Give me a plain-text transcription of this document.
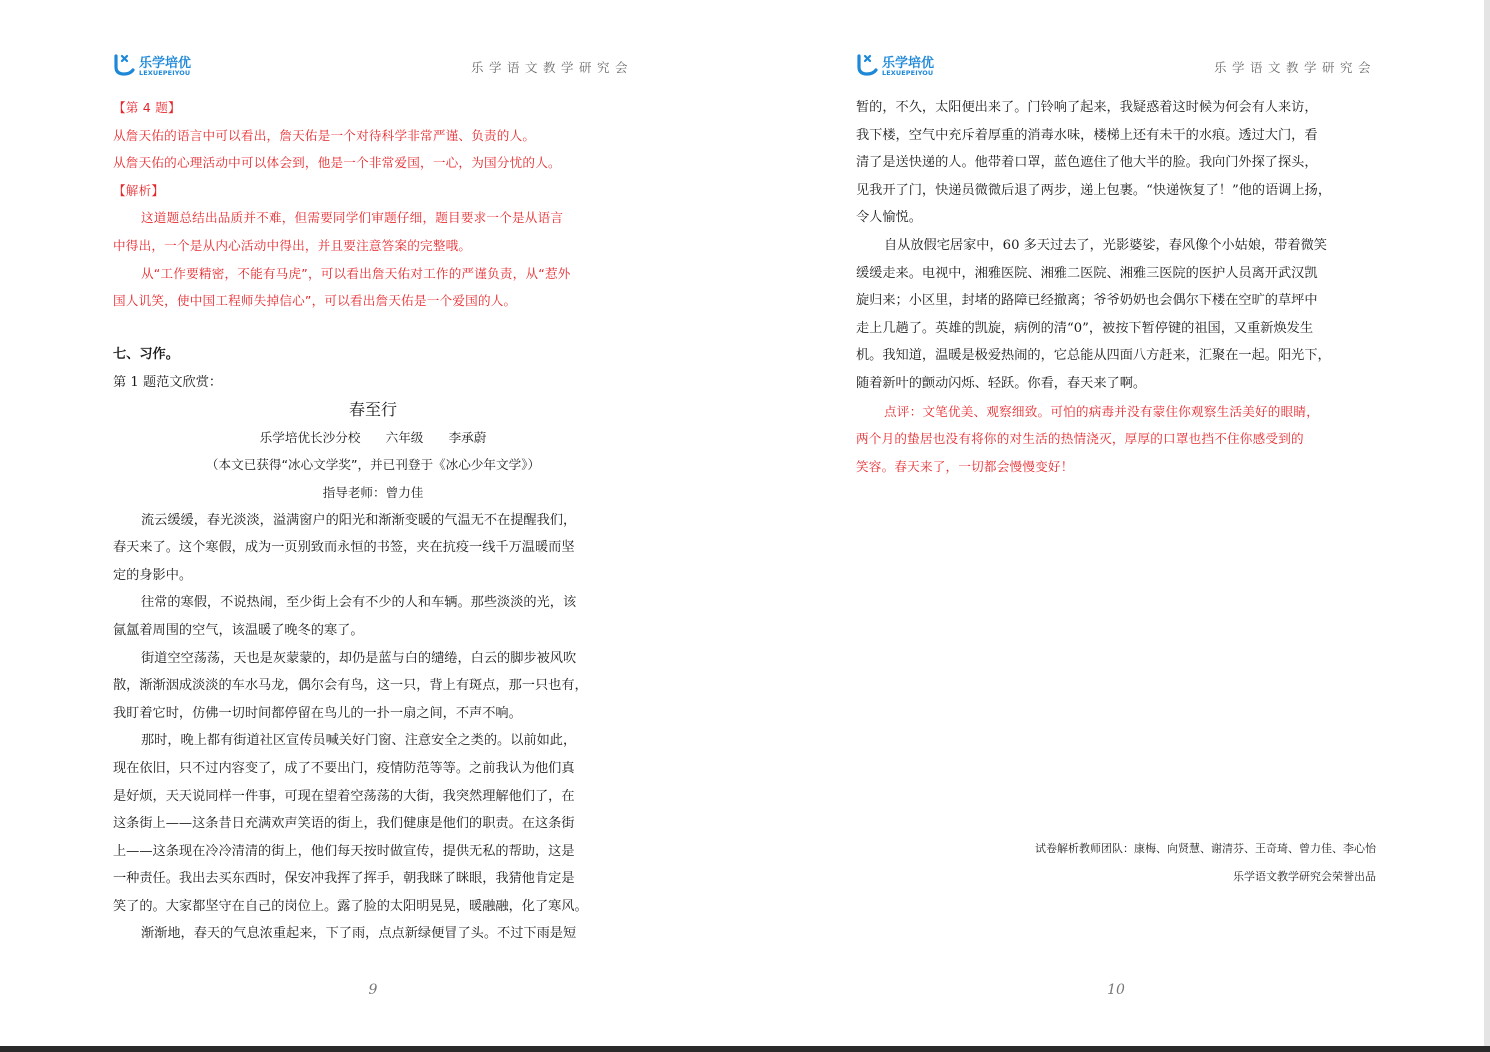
乐学培优
LEXUEPEIYOU	乐学语文教学研究会
【第 4 题】
从詹天佑的语言中可以看出，詹天佑是一个对待科学非常严谨、负责的人。
从詹天佑的心理活动中可以体会到，他是一个非常爱国，一心，为国分忧的人。
【解析】
这道题总结出品质并不难，但需要同学们审题仔细，题目要求一个是从语言
中得出，一个是从内心活动中得出，并且要注意答案的完整哦。
从“工作要精密，不能有马虎”，可以看出詹天佑对工作的严谨负责，从“惹外
国人讥笑，使中国工程师失掉信心”，可以看出詹天佑是一个爱国的人。
七、习作。
第 1 题范文欣赏：
春至行
乐学培优长沙分校　　六年级　　李承蔚
（本文已获得“冰心文学奖”，并已刊登于《冰心少年文学》）
指导老师：曾力佳
流云缓缓，春光淡淡，溢满窗户的阳光和渐渐变暖的气温无不在提醒我们，
春天来了。这个寒假，成为一页别致而永恒的书签，夹在抗疫一线千万温暖而坚
定的身影中。
往常的寒假，不说热闹，至少街上会有不少的人和车辆。那些淡淡的光，该
氤氲着周围的空气，该温暖了晚冬的寒了。
街道空空荡荡，天也是灰蒙蒙的，却仍是蓝与白的缱绻，白云的脚步被风吹
散，渐渐洇成淡淡的车水马龙，偶尔会有鸟，这一只，背上有斑点，那一只也有，
我盯着它时，仿佛一切时间都停留在鸟儿的一扑一扇之间，不声不响。
那时，晚上都有街道社区宣传员喊关好门窗、注意安全之类的。以前如此，
现在依旧，只不过内容变了，成了不要出门，疫情防范等等。之前我认为他们真
是好烦，天天说同样一件事，可现在望着空荡荡的大街，我突然理解他们了，在
这条街上——这条昔日充满欢声笑语的街上，我们健康是他们的职责。在这条街
上——这条现在冷冷清清的街上，他们每天按时做宣传，提供无私的帮助，这是
一种责任。我出去买东西时，保安冲我挥了挥手，朝我眯了眯眼，我猜他肯定是
笑了的。大家都坚守在自己的岗位上。露了脸的太阳明晃晃，暖融融，化了寒风。
渐渐地，春天的气息浓重起来，下了雨，点点新绿便冒了头。不过下雨是短
9
乐学培优
LEXUEPEIYOU	乐学语文教学研究会
暂的，不久，太阳便出来了。门铃响了起来，我疑惑着这时候为何会有人来访，
我下楼，空气中充斥着厚重的消毒水味，楼梯上还有未干的水痕。透过大门，看
清了是送快递的人。他带着口罩，蓝色遮住了他大半的脸。我向门外探了探头，
见我开了门，快递员微微后退了两步，递上包裹。“快递恢复了！”他的语调上扬，
令人愉悦。
自从放假宅居家中，60 多天过去了，光影婆娑，春风像个小姑娘，带着微笑
缓缓走来。电视中，湘雅医院、湘雅二医院、湘雅三医院的医护人员离开武汉凯
旋归来；小区里，封堵的路障已经撤离；爷爷奶奶也会偶尔下楼在空旷的草坪中
走上几趟了。英雄的凯旋，病例的清“0”，被按下暂停键的祖国，又重新焕发生
机。我知道，温暖是极爱热闹的，它总能从四面八方赶来，汇聚在一起。阳光下，
随着新叶的颤动闪烁、轻跃。你看，春天来了啊。
点评：文笔优美、观察细致。可怕的病毒并没有蒙住你观察生活美好的眼睛，
两个月的蛰居也没有将你的对生活的热情浇灭，厚厚的口罩也挡不住你感受到的
笑容。春天来了，一切都会慢慢变好！
试卷解析教师团队：康梅、向贤慧、谢清芬、王奇琦、曾力佳、李心怡
乐学语文教学研究会荣誉出品
10
